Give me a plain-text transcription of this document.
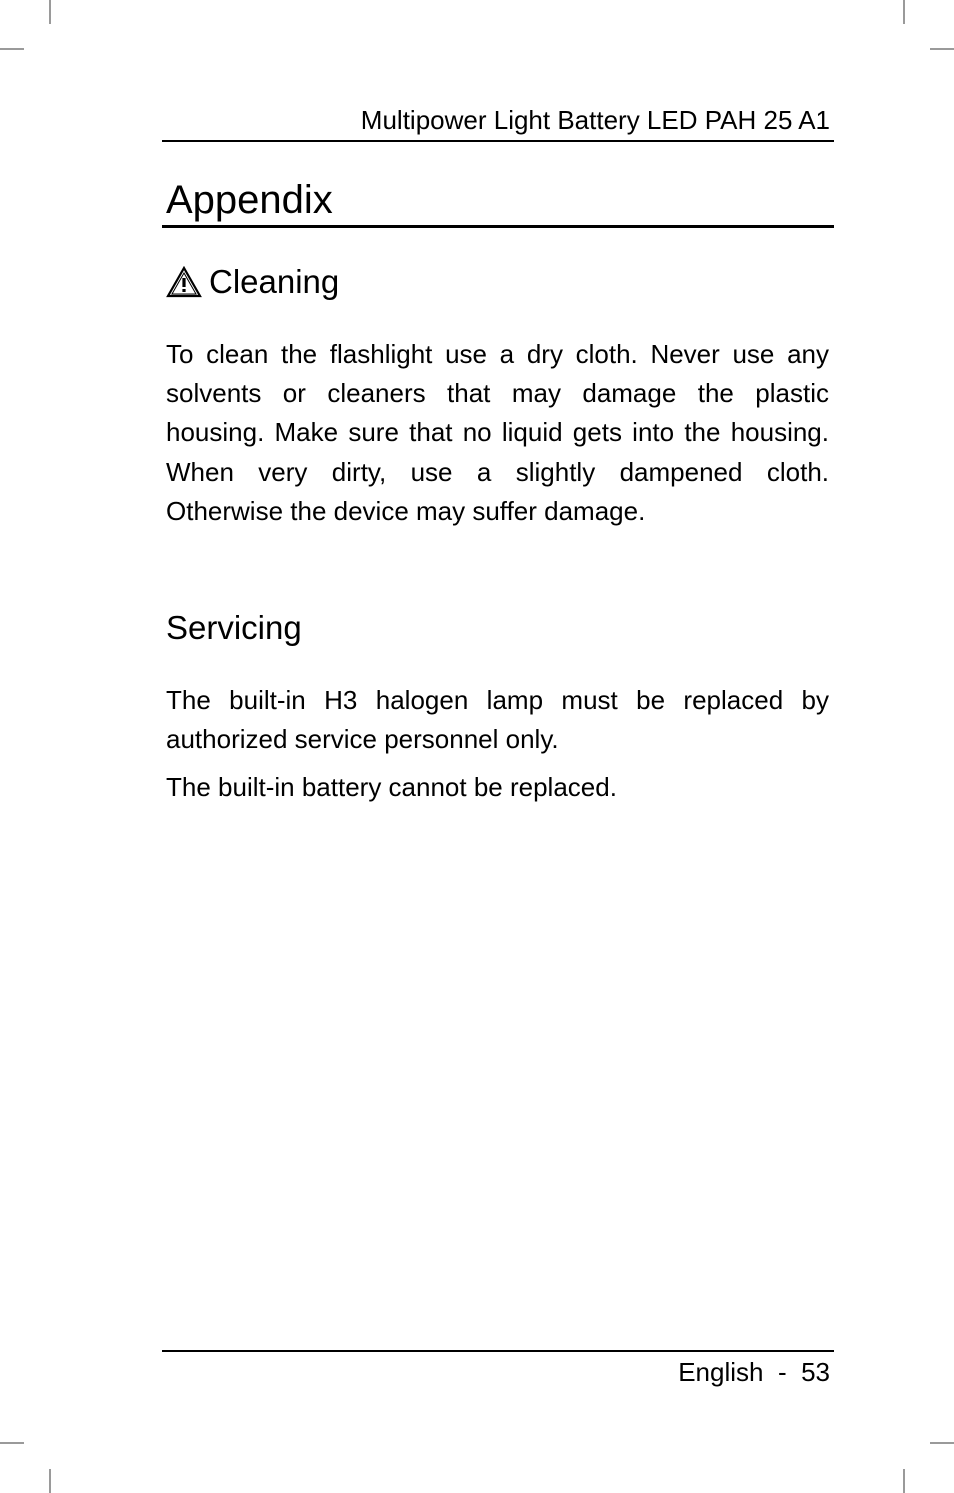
Multipower Light Battery LED PAH 25 A1
Appendix
Cleaning

To clean the flashlight use a dry cloth. Never use any solvents or cleaners that may damage the plastic housing. Make sure that no liquid gets into the housing. When very dirty, use a slightly dampened cloth. Otherwise the device may suffer damage.

Servicing

The built-in H3 halogen lamp must be replaced by authorized service personnel only.

The built-in battery cannot be replaced.

English - 53
